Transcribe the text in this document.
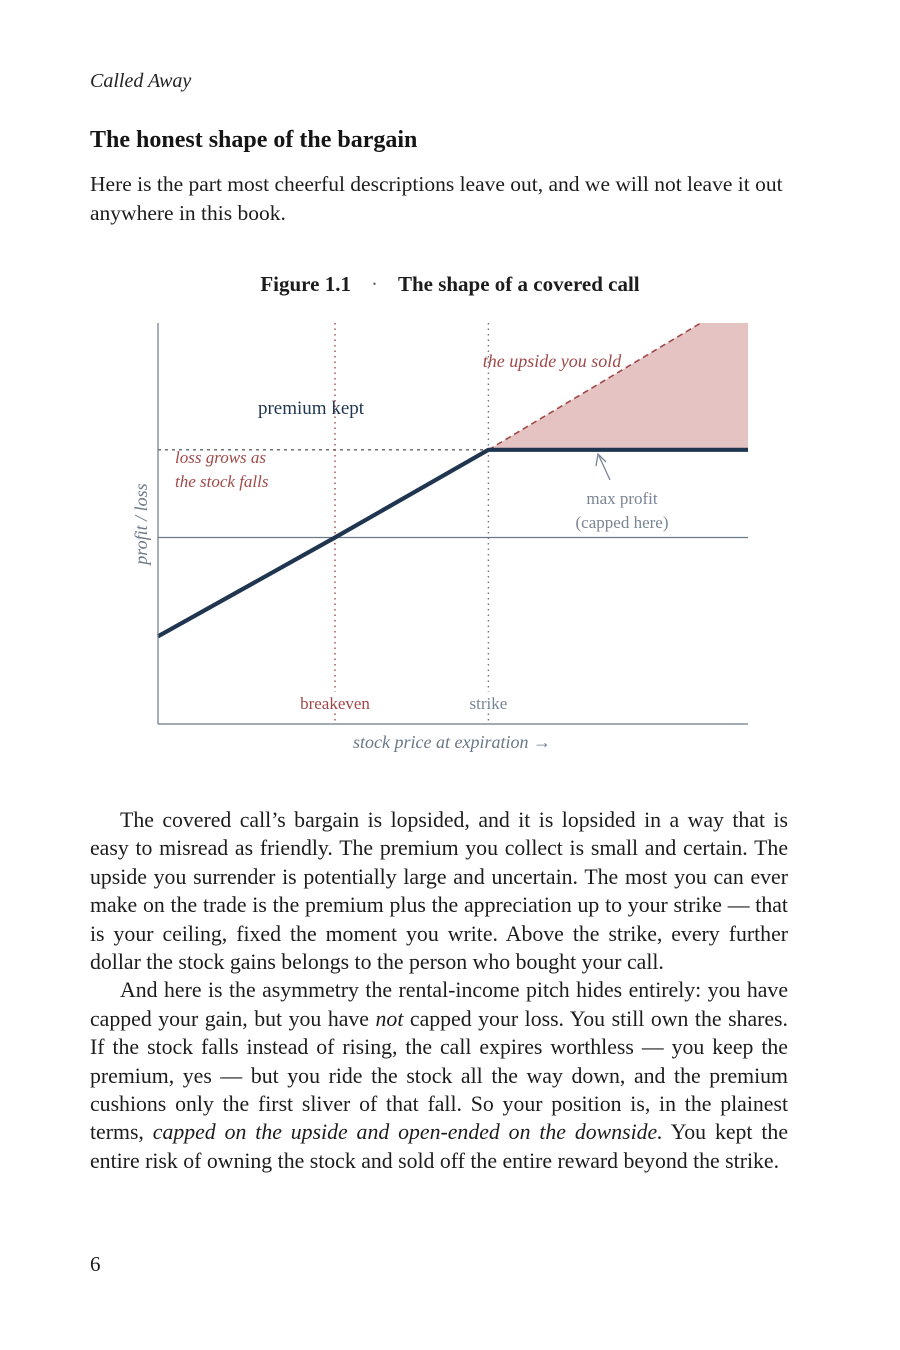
Called Away
The honest shape of the bargain

Here is the part most cheerful descriptions leave out, and we will not leave it out anywhere in this book.

Figure 1.1 · The shape of a covered call
the upside you sold
premium kept
loss grows as
the stock falls
max profit
(capped here)
breakeven	strike
stock price at expiration →
profit / loss

The covered call’s bargain is lopsided, and it is lopsided in a way that is easy to misread as friendly. The premium you collect is small and certain. The upside you surrender is potentially large and uncertain. The most you can ever make on the trade is the premium plus the appreciation up to your strike — that is your ceiling, fixed the moment you write. Above the strike, every further dollar the stock gains belongs to the person who bought your call.

And here is the asymmetry the rental-income pitch hides entirely: you have capped your gain, but you have not capped your loss. You still own the shares. If the stock falls instead of rising, the call expires worthless — you keep the premium, yes — but you ride the stock all the way down, and the premium cushions only the first sliver of that fall. So your position is, in the plainest terms, capped on the upside and open-ended on the downside. You kept the entire risk of owning the stock and sold off the entire reward beyond the strike.

6
